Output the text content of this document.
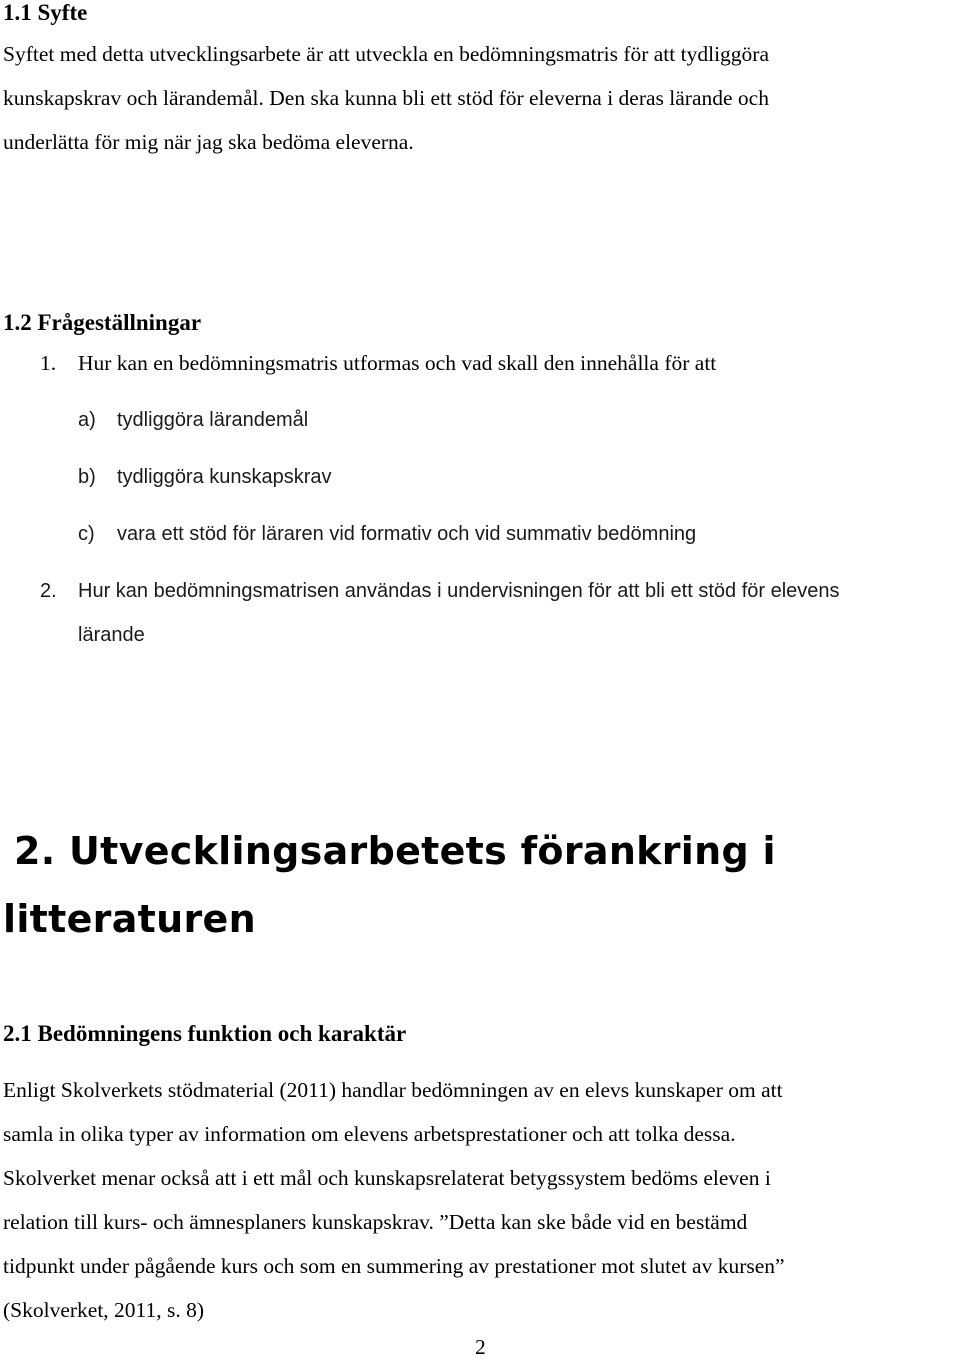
1.1 Syfte
Syftet med detta utvecklingsarbete är att utveckla en bedömningsmatris för att tydliggöra
kunskapskrav och lärandemål. Den ska kunna bli ett stöd för eleverna i deras lärande och
underlätta för mig när jag ska bedöma eleverna.
1.2 Frågeställningar
1. Hur kan en bedömningsmatris utformas och vad skall den innehålla för att
a) tydliggöra lärandemål
b) tydliggöra kunskapskrav
c) vara ett stöd för läraren vid formativ och vid summativ bedömning
2. Hur kan bedömningsmatrisen användas i undervisningen för att bli ett stöd för elevens
lärande
2. Utvecklingsarbetets förankring i
litteraturen
2.1 Bedömningens funktion och karaktär
Enligt Skolverkets stödmaterial (2011) handlar bedömningen av en elevs kunskaper om att
samla in olika typer av information om elevens arbetsprestationer och att tolka dessa.
Skolverket menar också att i ett mål och kunskapsrelaterat betygssystem bedöms eleven i
relation till kurs- och ämnesplaners kunskapskrav. ”Detta kan ske både vid en bestämd
tidpunkt under pågående kurs och som en summering av prestationer mot slutet av kursen”
(Skolverket, 2011, s. 8)
2
